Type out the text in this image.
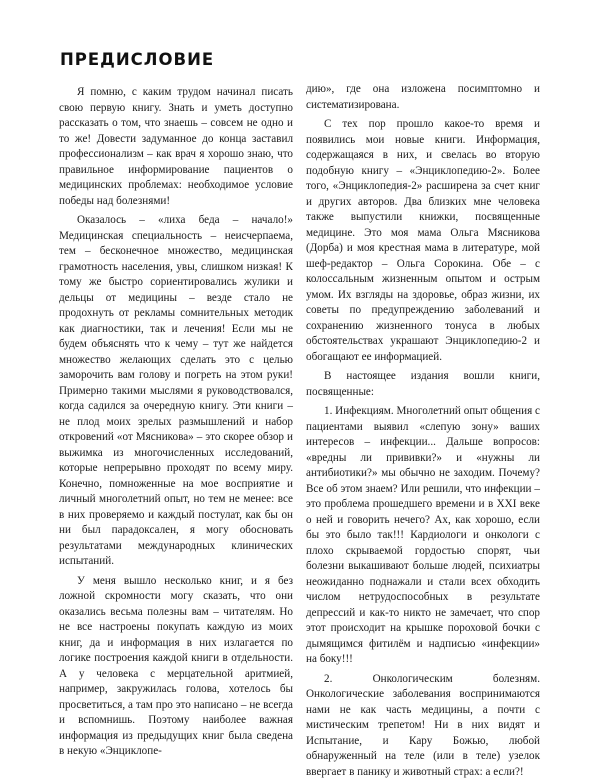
ПРЕДИСЛОВИЕ

Я помню, с каким трудом начинал писать свою первую книгу. Знать и уметь доступно рассказать о том, что знаешь – совсем не одно и то же! Довести задуманное до конца заставил профессионализм – как врач я хорошо знаю, что правильное информирование пациентов о медицинских проблемах: необходимое условие победы над болезнями!

Оказалось – «лиха беда – начало!» Медицинская специальность – неисчерпаема, тем – бесконечное множество, медицинская грамотность населения, увы, слишком низкая! К тому же быстро сориентировались жулики и дельцы от медицины – везде стало не продохнуть от рекламы сомнительных методик как диагностики, так и лечения! Если мы не будем объяснять что к чему – тут же найдется множество желающих сделать это с целью заморочить вам голову и погреть на этом руки! Примерно такими мыслями я руководствовался, когда садился за очередную книгу. Эти книги – не плод моих зрелых размышлений и набор откровений «от Мясникова» – это скорее обзор и выжимка из многочисленных исследований, которые непрерывно проходят по всему миру. Конечно, помноженные на мое восприятие и личный многолетний опыт, но тем не менее: все в них проверяемо и каждый постулат, как бы он ни был парадоксален, я могу обосновать результатами международных клинических испытаний.

У меня вышло несколько книг, и я без ложной скромности могу сказать, что они оказались весьма полезны вам – читателям. Но не все настроены покупать каждую из моих книг, да и информация в них излагается по логике построения каждой книги в отдельности. А у человека с мерцательной аритмией, например, закружилась голова, хотелось бы просветиться, а там про это написано – не всегда и вспомнишь. Поэтому наиболее важная информация из предыдущих книг была сведена в некую «Энциклопе-

дию», где она изложена посимптомно и систематизирована.

С тех пор прошло какое-то время и появились мои новые книги. Информация, содержащаяся в них, и свелась во вторую подобную книгу – «Энциклопедию-2». Более того, «Энциклопедия-2» расширена за счет книг и других авторов. Два близких мне человека также выпустили книжки, посвященные медицине. Это моя мама Ольга Мясникова (Дорба) и моя крестная мама в литературе, мой шеф-редактор – Ольга Сорокина. Обе – с колоссальным жизненным опытом и острым умом. Их взгляды на здоровье, образ жизни, их советы по предупреждению заболеваний и сохранению жизненного тонуса в любых обстоятельствах украшают Энциклопедию-2 и обогащают ее информацией.

В настоящее издания вошли книги, посвященные:

1. Инфекциям. Многолетний опыт общения с пациентами выявил «слепую зону» ваших интересов – инфекции... Дальше вопросов: «вредны ли прививки?» и «нужны ли антибиотики?» мы обычно не заходим. Почему? Все об этом знаем? Или решили, что инфекции – это проблема прошедшего времени и в XXI веке о ней и говорить нечего? Ах, как хорошо, если бы это было так!!! Кардиологи и онкологи с плохо скрываемой гордостью спорят, чьи болезни выкашивают больше людей, психиатры неожиданно поднажали и стали всех обходить числом нетрудоспособных в результате депрессий и как-то никто не замечает, что спор этот происходит на крышке пороховой бочки с дымящимся фитилём и надписью «инфекции» на боку!!!

2. Онкологическим болезням. Онкологические заболевания воспринимаются нами не как часть медицины, а почти с мистическим трепетом! Ни в них видят и Испытание, и Кару Божью, любой обнаруженный на теле (или в теле) узелок ввергает в панику и животный страх: а если?!
